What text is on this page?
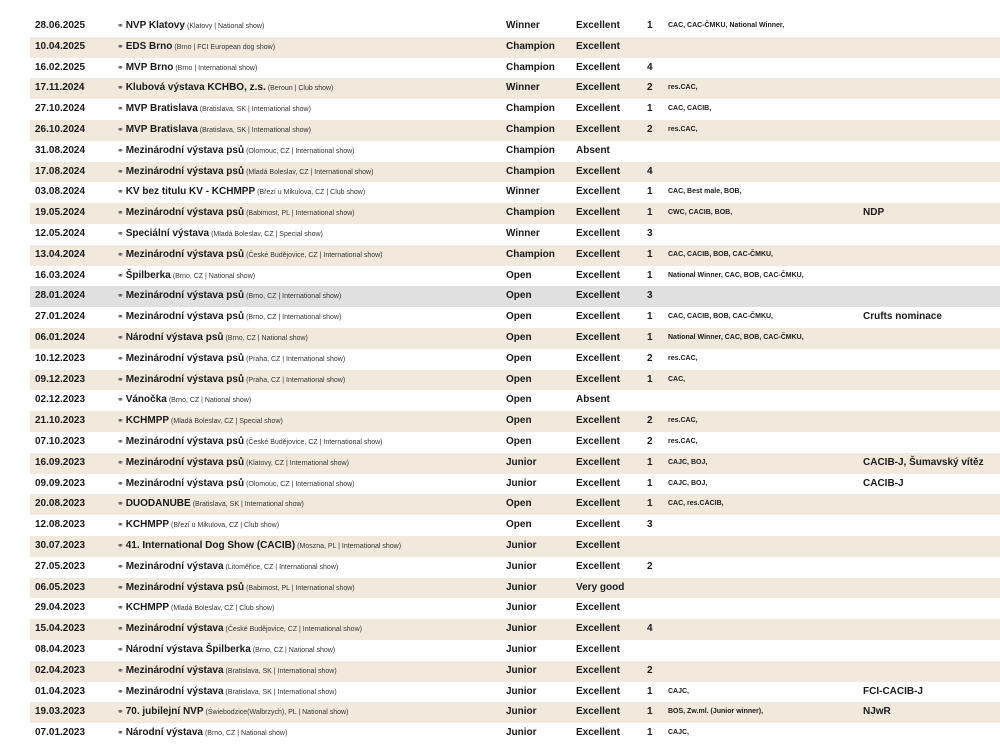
28.06.2025	⚭ NVP Klatovy (Klatovy | National show)	Winner	Excellent	1	CAC, CAC-ČMKU, National Winner,
10.04.2025	⚭ EDS Brno (Brno | FCI European dog show)	Champion	Excellent
16.02.2025	⚭ MVP Brno (Brno | International show)	Champion	Excellent	4
17.11.2024	⚭ Klubová výstava KCHBO, z.s. (Beroun | Club show)	Winner	Excellent	2	res.CAC,
27.10.2024	⚭ MVP Bratislava (Bratislava, SK | International show)	Champion	Excellent	1	CAC, CACIB,
26.10.2024	⚭ MVP Bratislava (Bratislava, SK | International show)	Champion	Excellent	2	res.CAC,
31.08.2024	⚭ Mezinárodní výstava psů (Olomouc, CZ | International show)	Champion	Absent
17.08.2024	⚭ Mezinárodní výstava psů (Mladá Boleslav, CZ | International show)	Champion	Excellent	4
03.08.2024	⚭ KV bez titulu KV - KCHMPP (Březí u Mikulova, CZ | Club show)	Winner	Excellent	1	CAC, Best male, BOB,
19.05.2024	⚭ Mezinárodní výstava psů (Babimost, PL | International show)	Champion	Excellent	1	CWC, CACIB, BOB,	NDP
12.05.2024	⚭ Speciální výstava (Mladá Boleslav, CZ | Special show)	Winner	Excellent	3
13.04.2024	⚭ Mezinárodní výstava psů (České Budějovice, CZ | International show)	Champion	Excellent	1	CAC, CACIB, BOB, CAC-ČMKU,
16.03.2024	⚭ Špilberka (Brno, CZ | National show)	Open	Excellent	1	National Winner, CAC, BOB, CAC-ČMKU,
28.01.2024	⚭ Mezinárodní výstava psů (Brno, CZ | International show)	Open	Excellent	3
27.01.2024	⚭ Mezinárodní výstava psů (Brno, CZ | International show)	Open	Excellent	1	CAC, CACIB, BOB, CAC-ČMKU,	Crufts nominace
06.01.2024	⚭ Národní výstava psů (Brno, CZ | National show)	Open	Excellent	1	National Winner, CAC, BOB, CAC-ČMKU,
10.12.2023	⚭ Mezinárodní výstava psů (Praha, CZ | International show)	Open	Excellent	2	res.CAC,
09.12.2023	⚭ Mezinárodní výstava psů (Praha, CZ | International show)	Open	Excellent	1	CAC,
02.12.2023	⚭ Vánočka (Brno, CZ | National show)	Open	Absent
21.10.2023	⚭ KCHMPP (Mladá Boleslav, CZ | Special show)	Open	Excellent	2	res.CAC,
07.10.2023	⚭ Mezinárodní výstava psů (České Budějovice, CZ | International show)	Open	Excellent	2	res.CAC,
16.09.2023	⚭ Mezinárodní výstava psů (Klatovy, CZ | International show)	Junior	Excellent	1	CAJC, BOJ,	CACIB-J, Šumavský vítěz
09.09.2023	⚭ Mezinárodní výstava psů (Olomouc, CZ | International show)	Junior	Excellent	1	CAJC, BOJ,	CACIB-J
20.08.2023	⚭ DUODANUBE (Bratislava, SK | International show)	Open	Excellent	1	CAC, res.CACIB,
12.08.2023	⚭ KCHMPP (Březí u Mikulova, CZ | Club show)	Open	Excellent	3
30.07.2023	⚭ 41. International Dog Show (CACIB) (Moszna, PL | International show)	Junior	Excellent
27.05.2023	⚭ Mezinárodní výstava (Litoměřice, CZ | International show)	Junior	Excellent	2
06.05.2023	⚭ Mezinárodní výstava psů (Babimost, PL | International show)	Junior	Very good
29.04.2023	⚭ KCHMPP (Mladá Boleslav, CZ | Club show)	Junior	Excellent
15.04.2023	⚭ Mezinárodní výstava (České Budějovice, CZ | International show)	Junior	Excellent	4
08.04.2023	⚭ Národní výstava Špilberka (Brno, CZ | National show)	Junior	Excellent
02.04.2023	⚭ Mezinárodní výstava (Bratislava, SK | International show)	Junior	Excellent	2
01.04.2023	⚭ Mezinárodní výstava (Bratislava, SK | International show)	Junior	Excellent	1	CAJC,	FCI-CACIB-J
19.03.2023	⚭ 70. jubilejní NVP (Świebodzice(Walbrzych), PL | National show)	Junior	Excellent	1	BOS, Zw.ml. (Junior winner),	NJwR
07.01.2023	⚭ Národní výstava (Brno, CZ | National show)	Junior	Excellent	1	CAJC,
